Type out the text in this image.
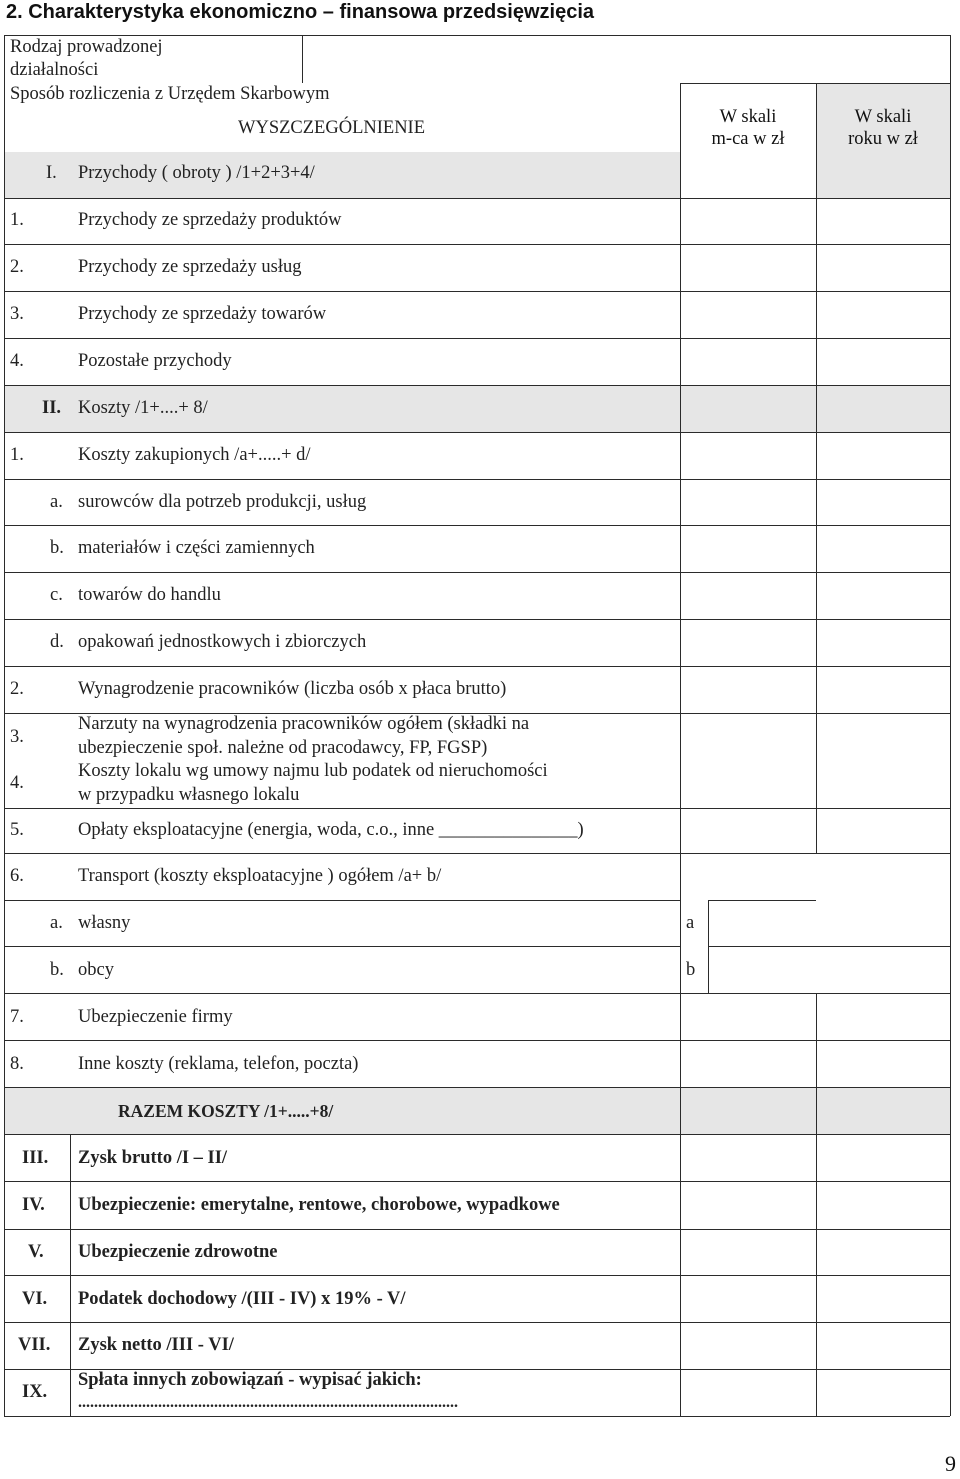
2. Charakterystyka ekonomiczno – finansowa przedsięwzięcia
Rodzaj prowadzonej
działalności
Sposób rozliczenia z Urzędem Skarbowym
WYSZCZEGÓLNIENIE
W skali
m-ca w zł
W skali
roku w zł
I. Przychody ( obroty ) /1+2+3+4/
1.	Przychody ze sprzedaży produktów
2.	Przychody ze sprzedaży usług
3.	Przychody ze sprzedaży towarów
4.	Pozostałe przychody
II. Koszty /1+....+ 8/
1.	Koszty zakupionych /a+.....+ d/
a. surowców dla potrzeb produkcji, usług
b. materiałów i części zamiennych
c. towarów do handlu
d. opakowań jednostkowych i zbiorczych
2.	Wynagrodzenie pracowników (liczba osób x płaca brutto)
3.
Narzuty na wynagrodzenia pracowników ogółem (składki na
ubezpieczenie społ. należne od pracodawcy, FP, FGSP)
4.
Koszty lokalu wg umowy najmu lub podatek od nieruchomości
w przypadku własnego lokalu
5.	Opłaty eksploatacyjne (energia, woda, c.o., inne _______________)
6.	Transport (koszty eksploatacyjne ) ogółem /a+ b/
a. własny	a
b. obcy	b
7.	Ubezpieczenie firmy
8.	Inne koszty (reklama, telefon, poczta)
RAZEM KOSZTY /1+.....+8/
III. Zysk brutto /I – II/
IV. Ubezpieczenie: emerytalne, rentowe, chorobowe, wypadkowe
V. Ubezpieczenie zdrowotne
VI. Podatek dochodowy /(III - IV) x 19% - V/
VII. Zysk netto /III - VI/
IX.
Spłata innych zobowiązań - wypisać jakich:
...............................................................................................
9
